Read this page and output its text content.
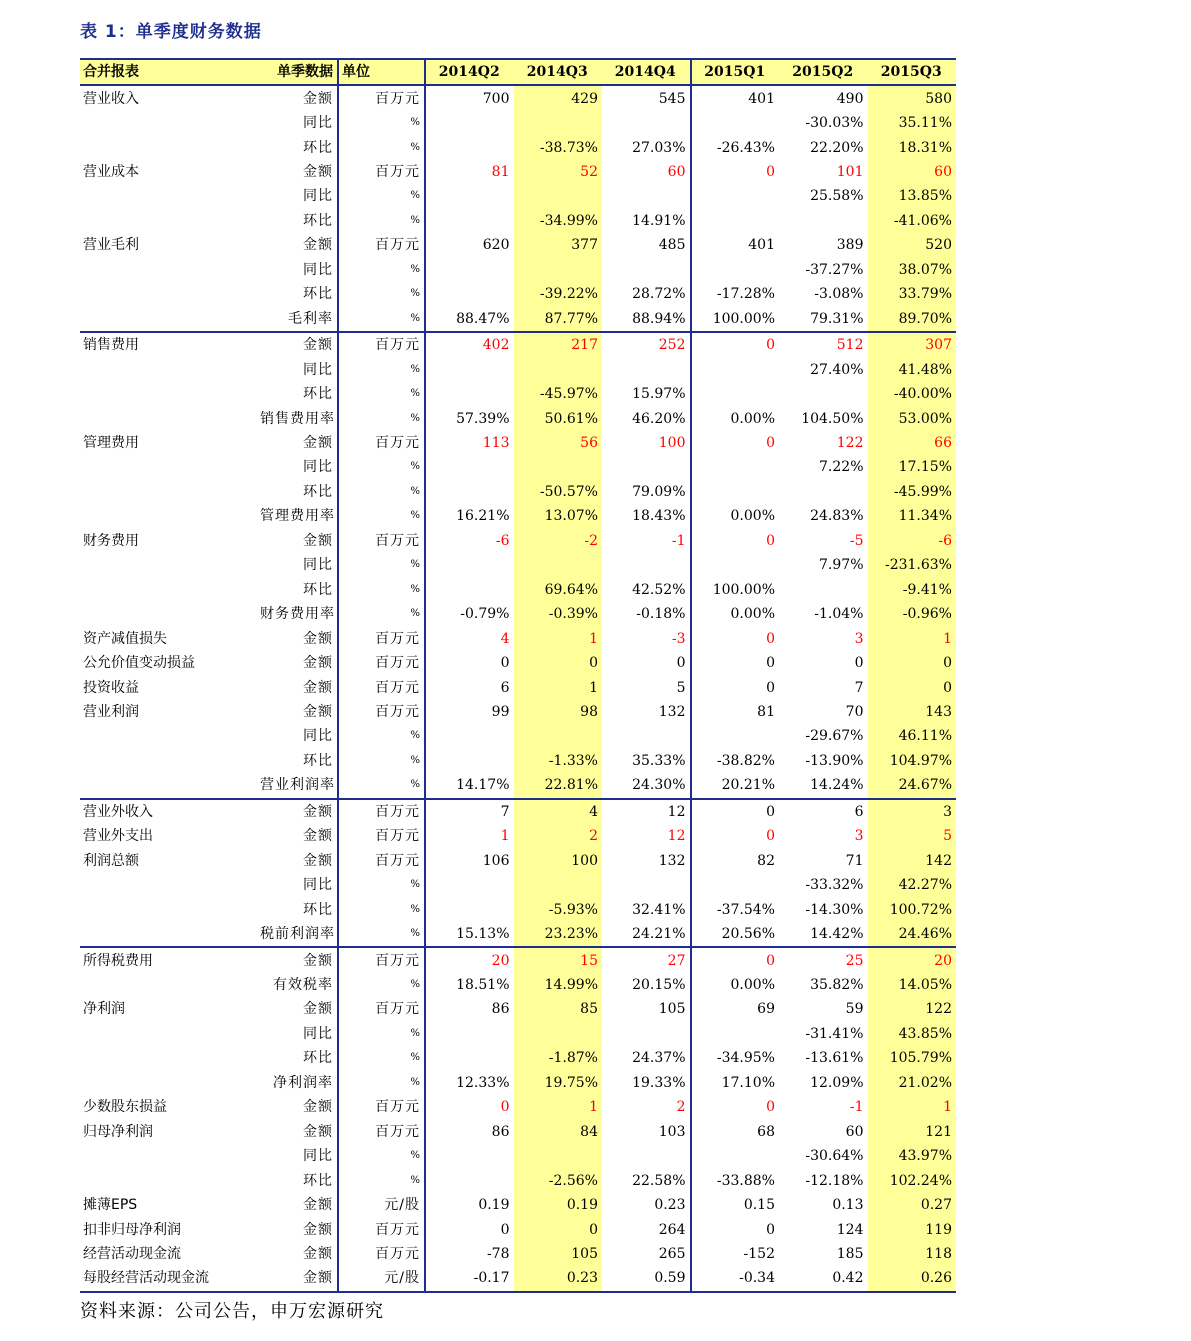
表 1：单季度财务数据
合并报表	单季数据	单位	2014Q2	2014Q3	2014Q4	2015Q1	2015Q2	2015Q3
营业收入	金额	百万元	700	429	545	401	490	580
	同比	%					-30.03%	35.11%
	环比	%		-38.73%	27.03%	-26.43%	22.20%	18.31%
营业成本	金额	百万元	81	52	60	0	101	60
	同比	%					25.58%	13.85%
	环比	%		-34.99%	14.91%			-41.06%
营业毛利	金额	百万元	620	377	485	401	389	520
	同比	%					-37.27%	38.07%
	环比	%		-39.22%	28.72%	-17.28%	-3.08%	33.79%
	毛利率	%	88.47%	87.77%	88.94%	100.00%	79.31%	89.70%
销售费用	金额	百万元	402	217	252	0	512	307
	同比	%					27.40%	41.48%
	环比	%		-45.97%	15.97%			-40.00%
	销售费用率	%	57.39%	50.61%	46.20%	0.00%	104.50%	53.00%
管理费用	金额	百万元	113	56	100	0	122	66
	同比	%					7.22%	17.15%
	环比	%		-50.57%	79.09%			-45.99%
	管理费用率	%	16.21%	13.07%	18.43%	0.00%	24.83%	11.34%
财务费用	金额	百万元	-6	-2	-1	0	-5	-6
	同比	%					7.97%	-231.63%
	环比	%		69.64%	42.52%	100.00%		-9.41%
	财务费用率	%	-0.79%	-0.39%	-0.18%	0.00%	-1.04%	-0.96%
资产减值损失	金额	百万元	4	1	-3	0	3	1
公允价值变动损益	金额	百万元	0	0	0	0	0	0
投资收益	金额	百万元	6	1	5	0	7	0
营业利润	金额	百万元	99	98	132	81	70	143
	同比	%					-29.67%	46.11%
	环比	%		-1.33%	35.33%	-38.82%	-13.90%	104.97%
	营业利润率	%	14.17%	22.81%	24.30%	20.21%	14.24%	24.67%
营业外收入	金额	百万元	7	4	12	0	6	3
营业外支出	金额	百万元	1	2	12	0	3	5
利润总额	金额	百万元	106	100	132	82	71	142
	同比	%					-33.32%	42.27%
	环比	%		-5.93%	32.41%	-37.54%	-14.30%	100.72%
	税前利润率	%	15.13%	23.23%	24.21%	20.56%	14.42%	24.46%
所得税费用	金额	百万元	20	15	27	0	25	20
	有效税率	%	18.51%	14.99%	20.15%	0.00%	35.82%	14.05%
净利润	金额	百万元	86	85	105	69	59	122
	同比	%					-31.41%	43.85%
	环比	%		-1.87%	24.37%	-34.95%	-13.61%	105.79%
	净利润率	%	12.33%	19.75%	19.33%	17.10%	12.09%	21.02%
少数股东损益	金额	百万元	0	1	2	0	-1	1
归母净利润	金额	百万元	86	84	103	68	60	121
	同比	%					-30.64%	43.97%
	环比	%		-2.56%	22.58%	-33.88%	-12.18%	102.24%
摊薄EPS	金额	元/股	0.19	0.19	0.23	0.15	0.13	0.27
扣非归母净利润	金额	百万元	0	0	264	0	124	119
经营活动现金流	金额	百万元	-78	105	265	-152	185	118
每股经营活动现金流	金额	元/股	-0.17	0.23	0.59	-0.34	0.42	0.26
资料来源：公司公告，申万宏源研究
